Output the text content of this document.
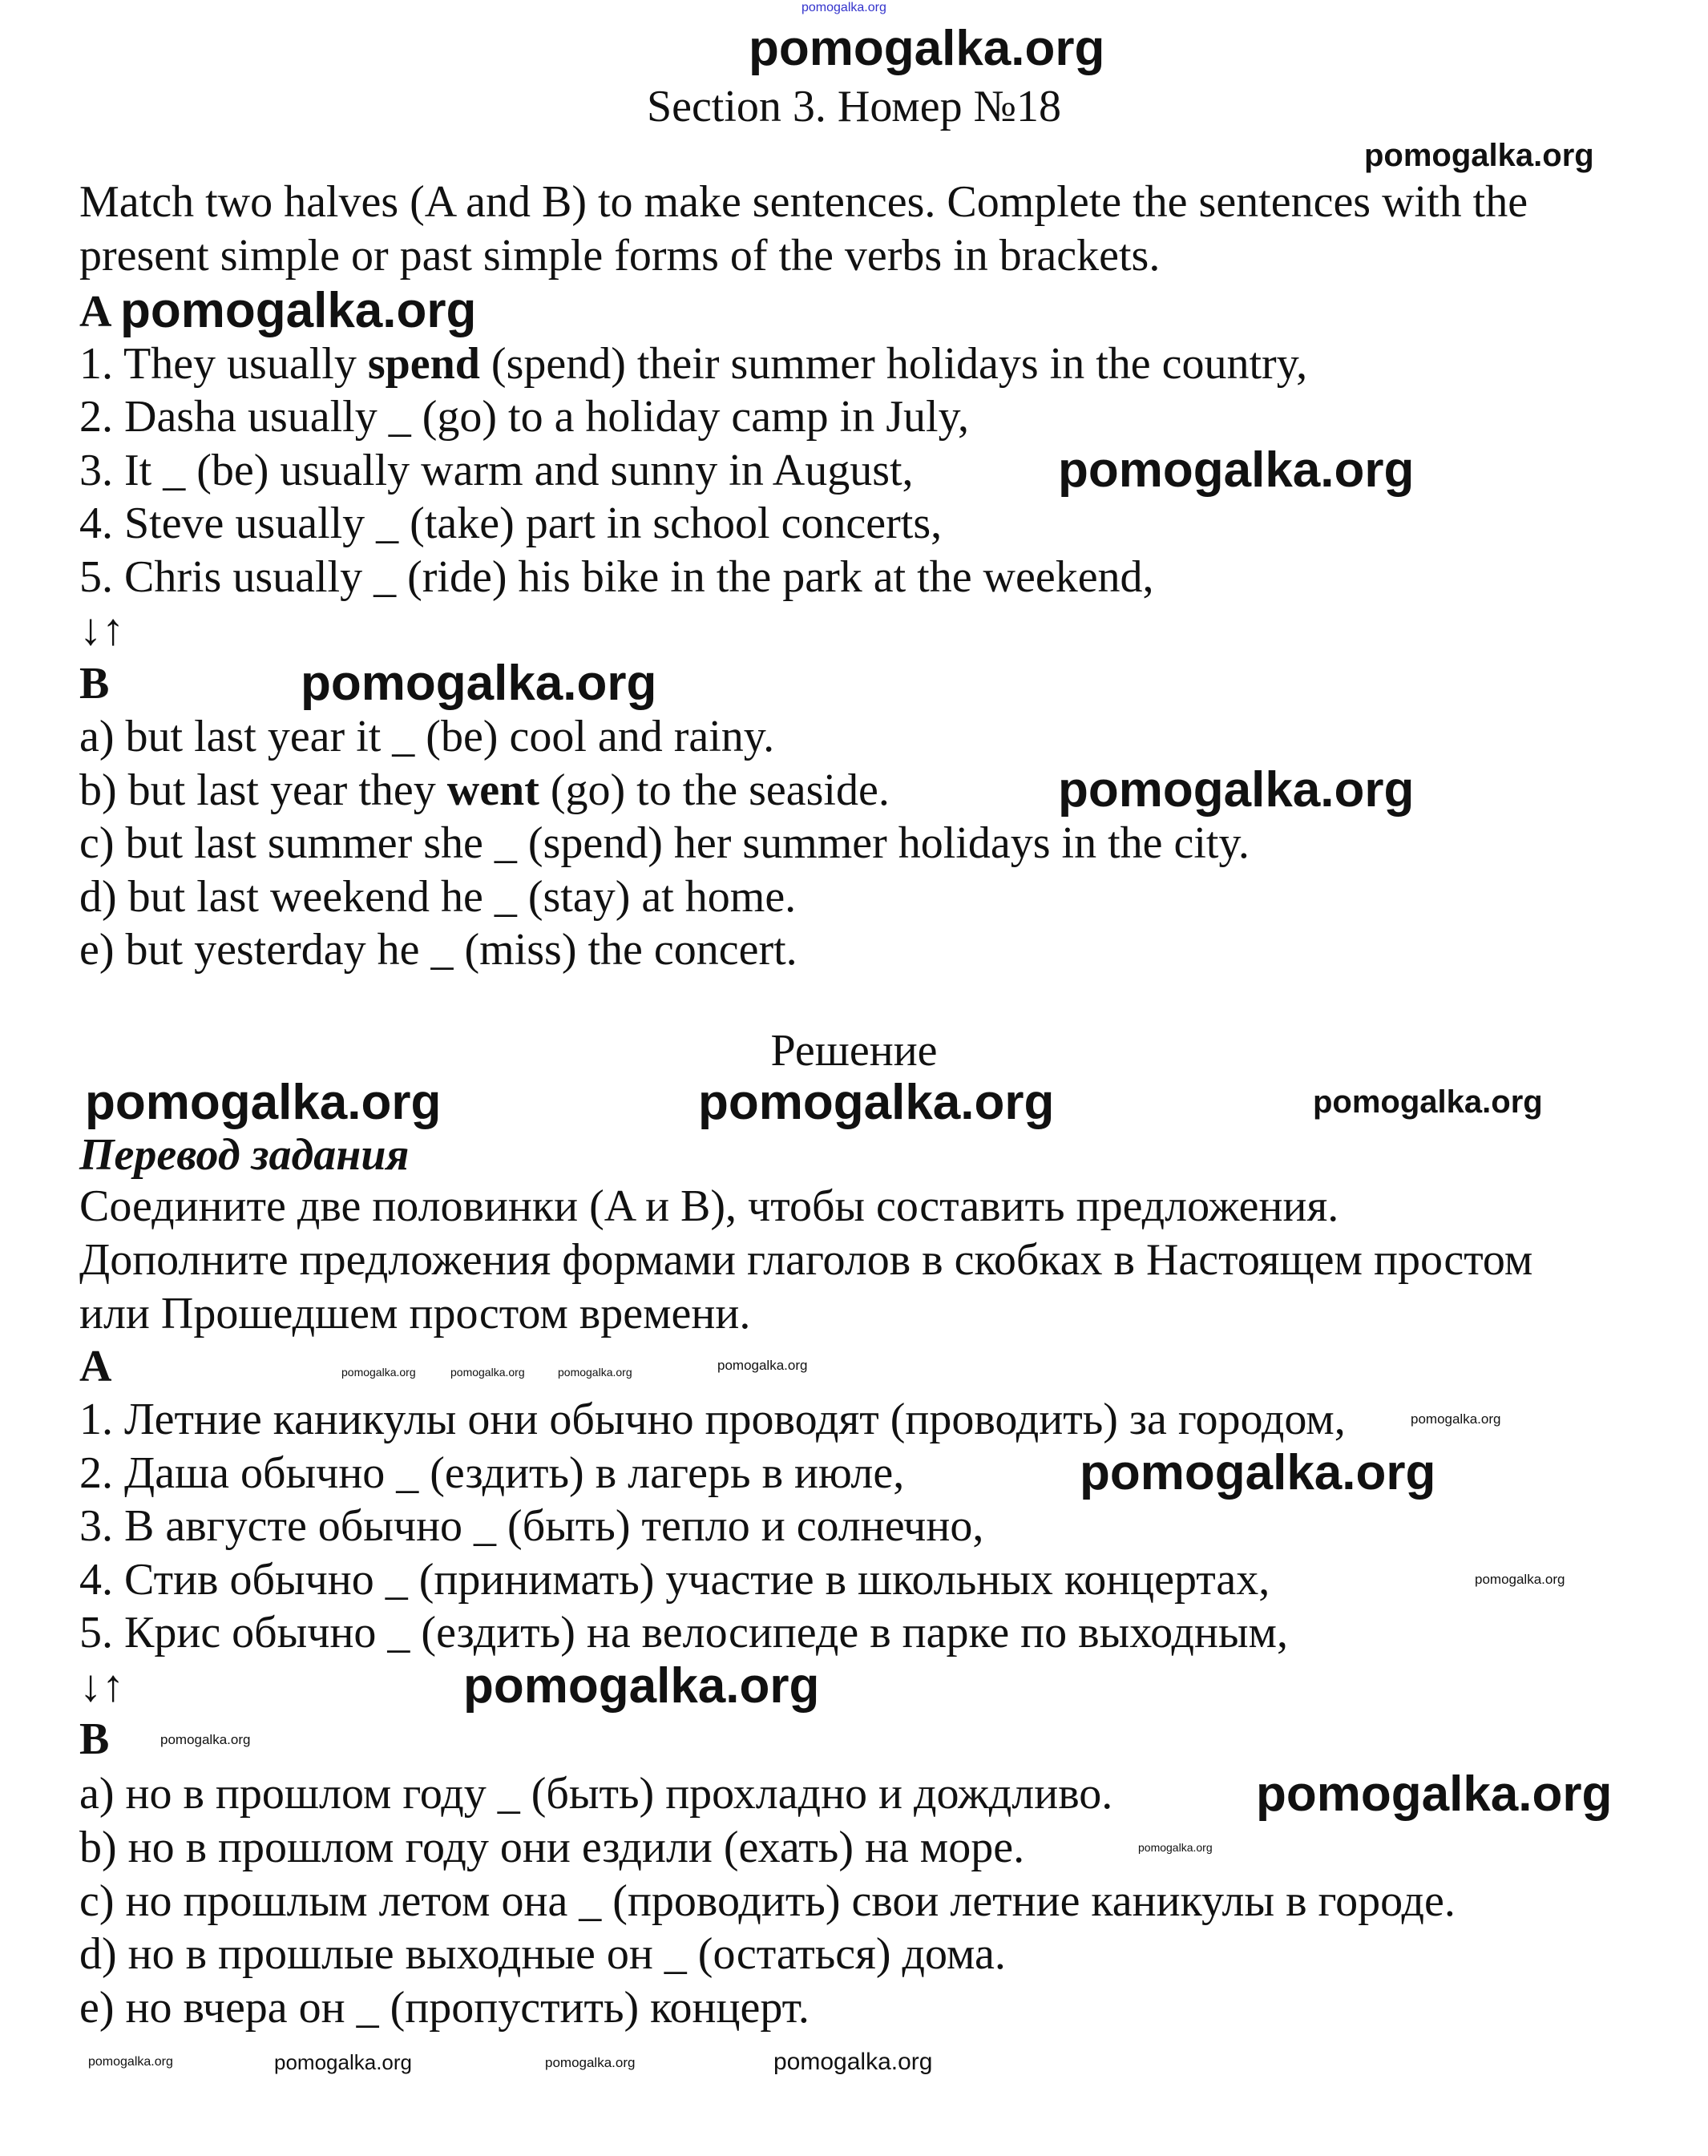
pomogalka.org
Section 3. Номер №18
Match two halves (A and B) to make sentences. Complete the sentences with the
present simple or past simple forms of the verbs in brackets.
A
1. They usually spend (spend) their summer holidays in the country,
2. Dasha usually _ (go) to a holiday camp in July,
3. It _ (be) usually warm and sunny in August,
4. Steve usually _ (take) part in school concerts,
5. Chris usually _ (ride) his bike in the park at the weekend,
↓↑
B
a) but last year it _ (be) cool and rainy.
b) but last year they went (go) to the seaside.
c) but last summer she _ (spend) her summer holidays in the city.
d) but last weekend he _ (stay) at home.
e) but yesterday he _ (miss) the concert.
Решение
Перевод задания
Соедините две половинки (A и B), чтобы составить предложения.
Дополните предложения формами глаголов в скобках в Настоящем простом
или Прошедшем простом времени.
A
1. Летние каникулы они обычно проводят (проводить) за городом,
2. Даша обычно _ (ездить) в лагерь в июле,
3. В августе обычно _ (быть) тепло и солнечно,
4. Стив обычно _ (принимать) участие в школьных концертах,
5. Крис обычно _ (ездить) на велосипеде в парке по выходным,
↓↑
B
a) но в прошлом году _ (быть) прохладно и дождливо.
b) но в прошлом году они ездили (ехать) на море.
c) но прошлым летом она _ (проводить) свои летние каникулы в городе.
d) но в прошлые выходные он _ (остаться) дома.
e) но вчера он _ (пропустить) концерт.
pomogalka.org
pomogalka.org
pomogalka.org
pomogalka.org
pomogalka.org
pomogalka.org
pomogalka.org	pomogalka.org	pomogalka.org
pomogalka.org	pomogalka.org	pomogalka.org	pomogalka.org
pomogalka.org
pomogalka.org
pomogalka.org
pomogalka.org
pomogalka.org
pomogalka.org
pomogalka.org
pomogalka.org	pomogalka.org	pomogalka.org	pomogalka.org
